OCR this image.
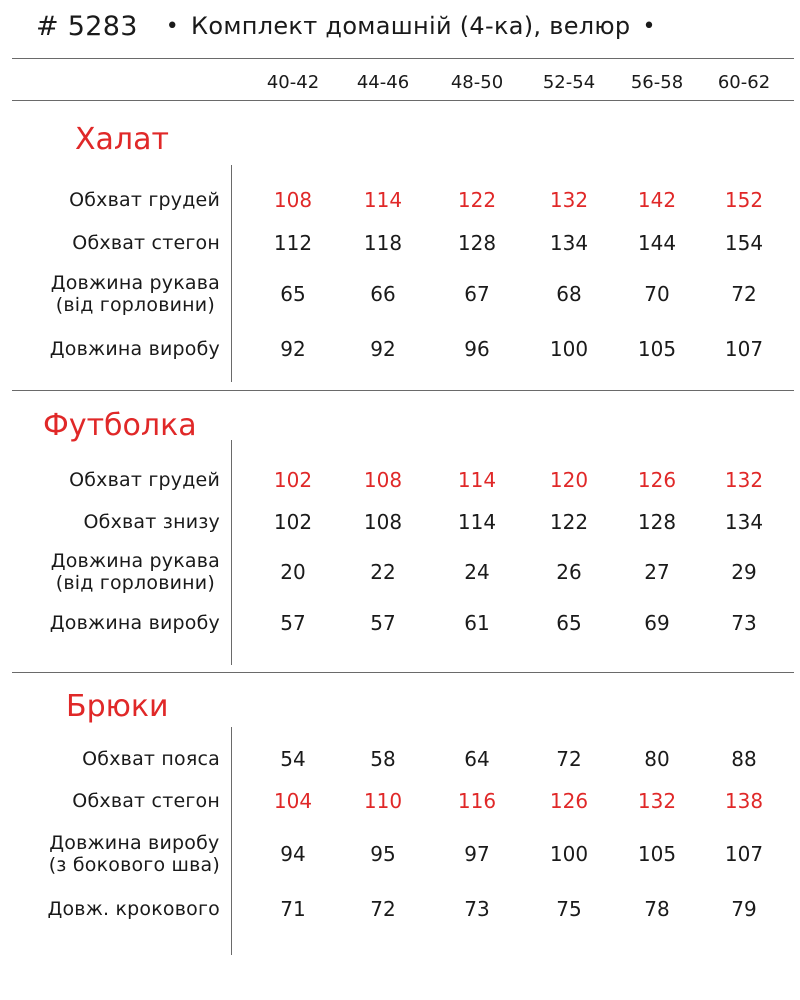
# 5283 • Комплект домашній (4-ка), велюр •
40-42	44-46	48-50	52-54	56-58	60-62
Халат
Обхват грудей	108	114	122	132	142	152
Обхват стегон	112	118	128	134	144	154
Довжина рукава
(від горловини)	65	66	67	68	70	72
Довжина виробу	92	92	96	100	105	107
Футболка
Обхват грудей	102	108	114	120	126	132
Обхват знизу	102	108	114	122	128	134
Довжина рукава
(від горловини)	20	22	24	26	27	29
Довжина виробу	57	57	61	65	69	73
Брюки
Обхват пояса	54	58	64	72	80	88
Обхват стегон	104	110	116	126	132	138
Довжина виробу
(з бокового шва)	94	95	97	100	105	107
Довж. крокового	71	72	73	75	78	79
